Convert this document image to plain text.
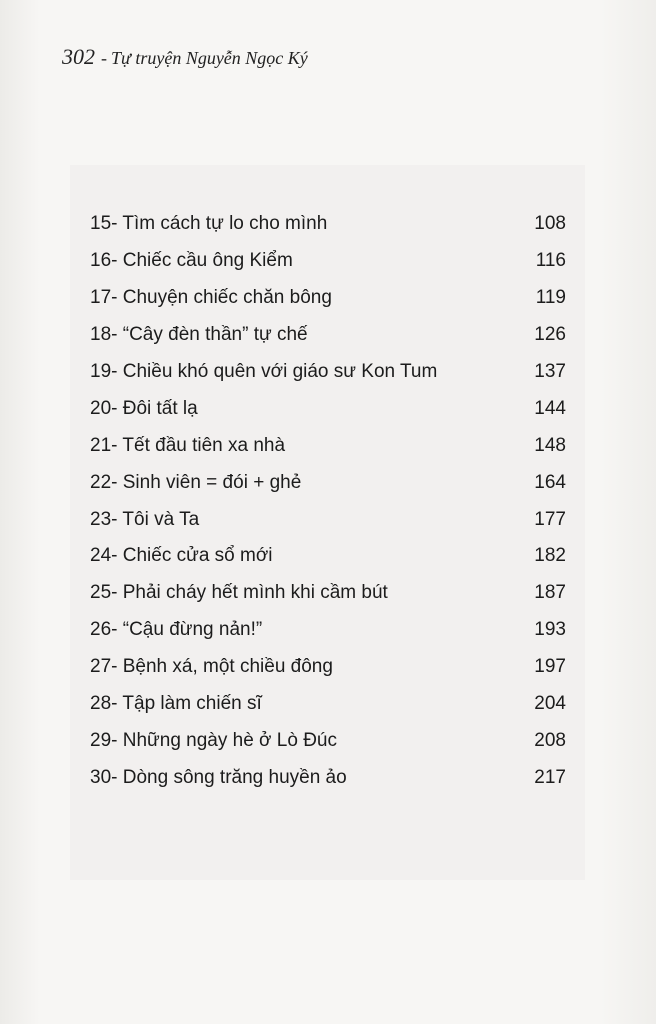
302 - Tự truyện Nguyễn Ngọc Ký
15- Tìm cách tự lo cho mình	108
16- Chiếc cầu ông Kiểm	116
17- Chuyện chiếc chăn bông	119
18- “Cây đèn thần” tự chế	126
19- Chiều khó quên với giáo sư Kon Tum	137
20- Đôi tất lạ	144
21- Tết đầu tiên xa nhà	148
22- Sinh viên = đói + ghẻ	164
23- Tôi và Ta	177
24- Chiếc cửa sổ mới	182
25- Phải cháy hết mình khi cầm bút	187
26- “Cậu đừng nản!”	193
27- Bệnh xá, một chiều đông	197
28- Tập làm chiến sĩ	204
29- Những ngày hè ở Lò Đúc	208
30- Dòng sông trăng huyền ảo	217
